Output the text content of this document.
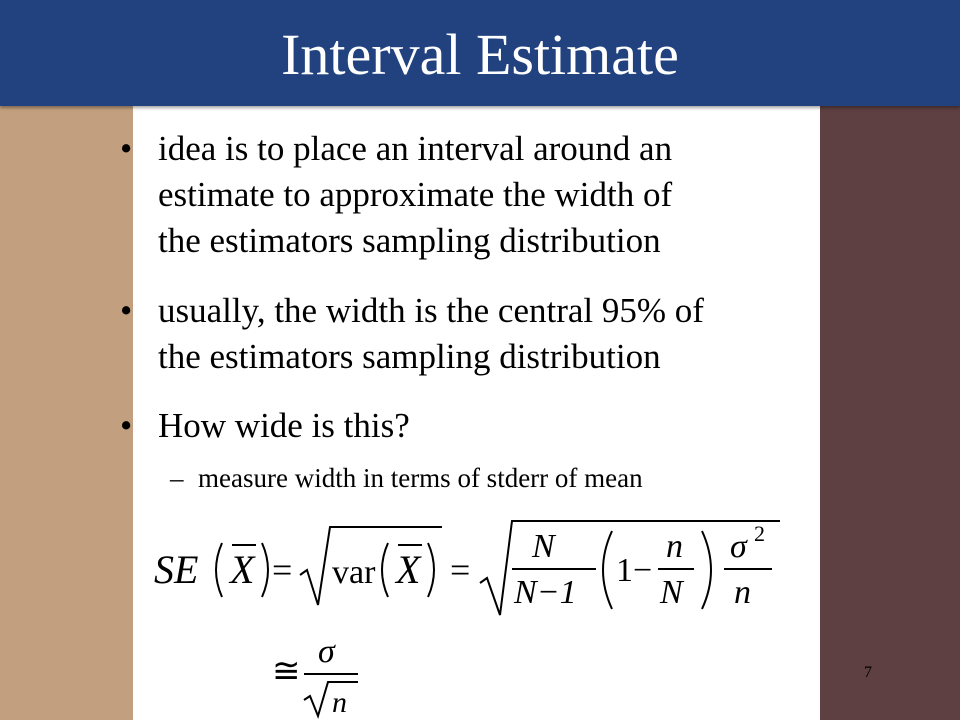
Interval Estimate
• idea is to place an interval around an
estimate to approximate the width of
the estimators sampling distribution
• usually, the width is the central 95% of
the estimators sampling distribution
• How wide is this?
– measure width in terms of stderr of mean
SE X = var X =
N
N−1
1−
n
N
σ 2
n
≅
σ
n
7
